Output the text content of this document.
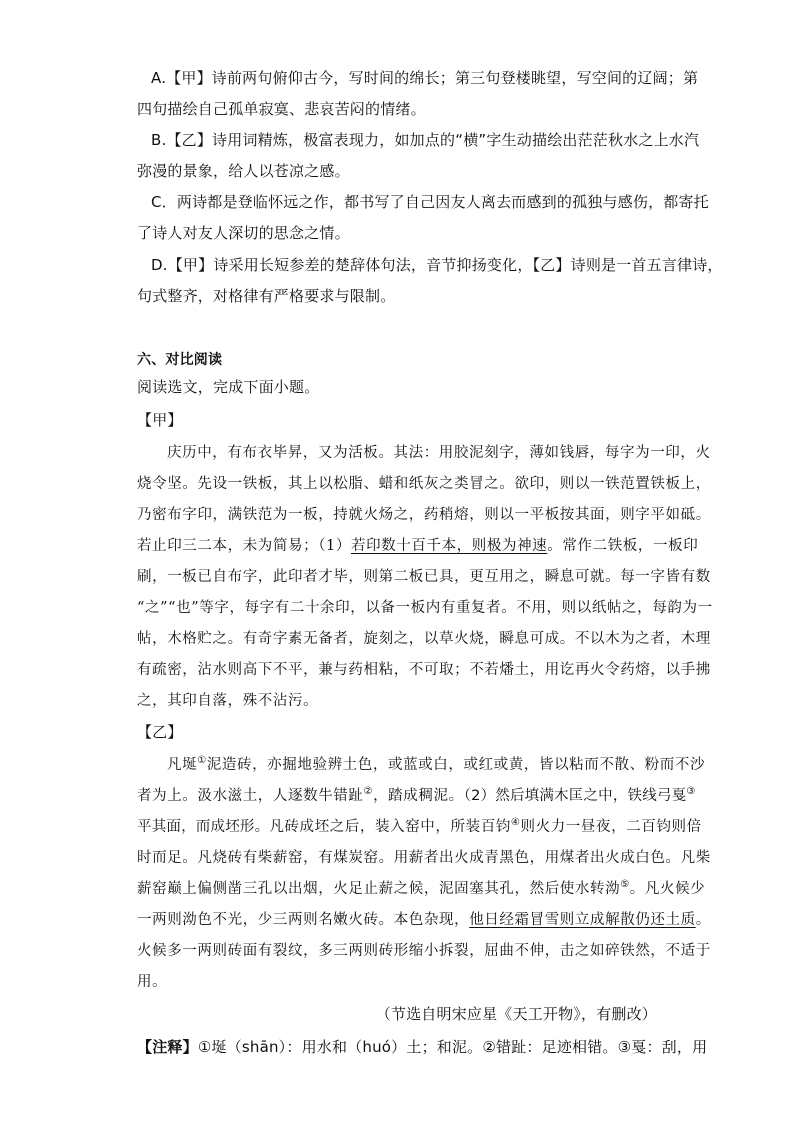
A.【甲】诗前两句俯仰古今，写时间的绵长；第三句登楼眺望，写空间的辽阔；第
四句描绘自己孤单寂寞、悲哀苦闷的情绪。
B.【乙】诗用词精炼，极富表现力，如加点的“横”字生动描绘出茫茫秋水之上水汽
弥漫的景象，给人以苍凉之感。
C．两诗都是登临怀远之作，都书写了自己因友人离去而感到的孤独与感伤，都寄托
了诗人对友人深切的思念之情。
D.【甲】诗采用长短参差的楚辞体句法，音节抑扬变化，【乙】诗则是一首五言律诗，
句式整齐，对格律有严格要求与限制。
六、对比阅读
阅读选文，完成下面小题。
【甲】
庆历中，有布衣毕昇，又为活板。其法：用胶泥刻字，薄如钱唇，每字为一印，火
烧令坚。先设一铁板，其上以松脂、蜡和纸灰之类冒之。欲印，则以一铁范置铁板上，
乃密布字印，满铁范为一板，持就火炀之，药稍熔，则以一平板按其面，则字平如砥。
若止印三二本，未为简易；（1）若印数十百千本，则极为神速。常作二铁板，一板印
刷，一板已自布字，此印者才毕，则第二板已具，更互用之，瞬息可就。每一字皆有数
“之”“也”等字，每字有二十余印，以备一板内有重复者。不用，则以纸帖之，每韵为一
帖，木格贮之。有奇字素无备者，旋刻之，以草火烧，瞬息可成。不以木为之者，木理
有疏密，沾水则高下不平，兼与药相粘，不可取；不若燔土，用讫再火令药熔，以手拂
之，其印自落，殊不沾污。
【乙】
凡埏①泥造砖，亦掘地验辨土色，或蓝或白，或红或黄，皆以粘而不散、粉而不沙
者为上。汲水滋土，人逐数牛错趾②，踏成稠泥。（2）然后填满木匡之中，铁线弓戛③
平其面，而成坯形。凡砖成坯之后，装入窑中，所装百钧④则火力一昼夜，二百钧则倍
时而足。凡烧砖有柴薪窑，有煤炭窑。用薪者出火成青黑色，用煤者出火成白色。凡柴
薪窑巅上偏侧凿三孔以出烟，火足止薪之候，泥固塞其孔，然后使水转泑⑤。凡火候少
一两则泑色不光，少三两则名嫩火砖。本色杂现，他日经霜冒雪则立成解散仍还土质。
火候多一两则砖面有裂纹，多三两则砖形缩小拆裂，屈曲不伸，击之如碎铁然，不适于
用。
（节选自明宋应星《天工开物》，有删改）
【注释】①埏（shān）：用水和（huó）土；和泥。②错趾：足迹相错。③戛：刮，用
